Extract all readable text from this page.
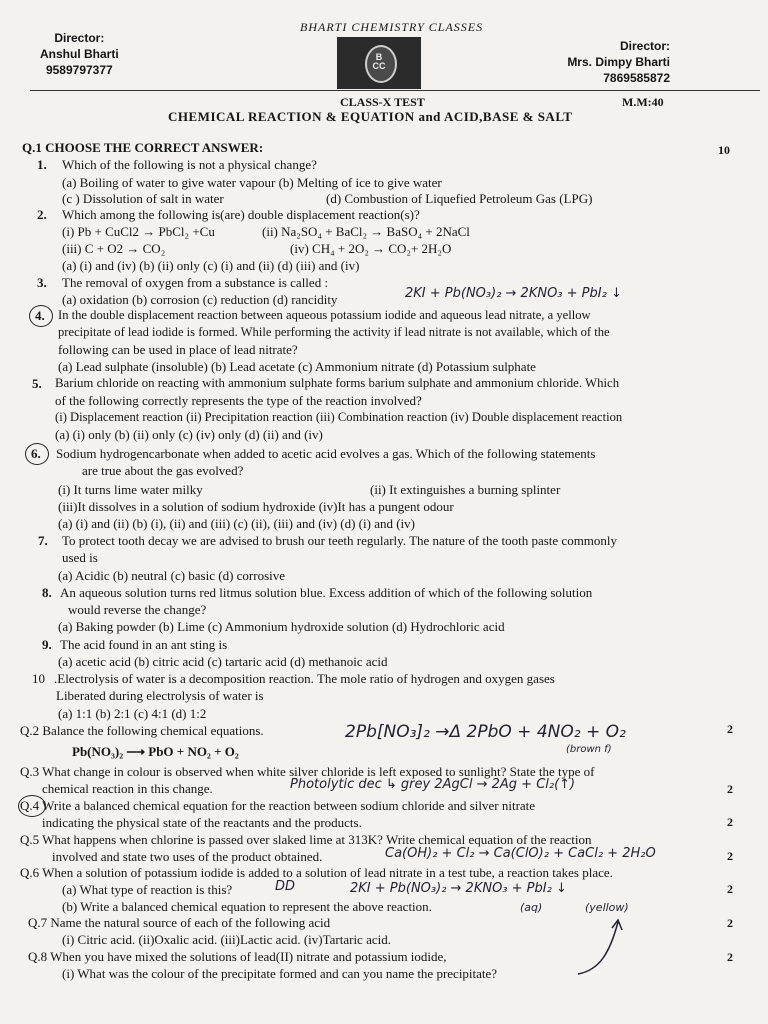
BHARTI CHEMISTRY CLASSES
Director:
Anshul Bharti
9589797377
B
CC
Director:
Mrs. Dimpy Bharti
7869585872
CLASS-X TEST	M.M:40
CHEMICAL REACTION & EQUATION and ACID,BASE & SALT
Q.1 CHOOSE THE CORRECT ANSWER:	10
1. Which of the following is not a physical change?
(a) Boiling of water to give water vapour (b) Melting of ice to give water
(c ) Dissolution of salt in water	(d) Combustion of Liquefied Petroleum Gas (LPG)
2. Which among the following is(are) double displacement reaction(s)?
(i) Pb + CuCl2 → PbCl₂ +Cu	(ii) Na₂SO₄ + BaCl₂ → BaSO₄ + 2NaCl
(iii) C + O2 → CO₂	(iv) CH₄ + 2O₂ → CO₂+ 2H₂O
(a) (i) and (iv) (b) (ii) only (c) (i) and (ii) (d) (iii) and (iv)
3. The removal of oxygen from a substance is called :
(a) oxidation (b) corrosion (c) reduction (d) rancidity	2KI + Pb(NO₃)₂ → 2KNO₃ + PbI₂ ↓
4. In the double displacement reaction between aqueous potassium iodide and aqueous lead nitrate, a yellow
precipitate of lead iodide is formed. While performing the activity if lead nitrate is not available, which of the
following can be used in place of lead nitrate?
(a) Lead sulphate (insoluble) (b) Lead acetate (c) Ammonium nitrate (d) Potassium sulphate
5. Barium chloride on reacting with ammonium sulphate forms barium sulphate and ammonium chloride. Which
of the following correctly represents the type of the reaction involved?
(i) Displacement reaction (ii) Precipitation reaction (iii) Combination reaction (iv) Double displacement reaction
(a) (i) only (b) (ii) only (c) (iv) only (d) (ii) and (iv)
6. Sodium hydrogencarbonate when added to acetic acid evolves a gas. Which of the following statements
are true about the gas evolved?
(i) It turns lime water milky	(ii) It extinguishes a burning splinter
(iii)It dissolves in a solution of sodium hydroxide (iv)It has a pungent odour
(a) (i) and (ii) (b) (i), (ii) and (iii) (c) (ii), (iii) and (iv) (d) (i) and (iv)
7. To protect tooth decay we are advised to brush our teeth regularly. The nature of the tooth paste commonly
used is
(a) Acidic (b) neutral (c) basic (d) corrosive
8. An aqueous solution turns red litmus solution blue. Excess addition of which of the following solution
would reverse the change?
(a) Baking powder (b) Lime (c) Ammonium hydroxide solution (d) Hydrochloric acid
9. The acid found in an ant sting is
(a) acetic acid (b) citric acid (c) tartaric acid (d) methanoic acid
10 .Electrolysis of water is a decomposition reaction. The mole ratio of hydrogen and oxygen gases
Liberated during electrolysis of water is
(a) 1:1 (b) 2:1 (c) 4:1 (d) 1:2
Q.2 Balance the following chemical equations.	2
Pb(NO₃)₂ ⟶ PbO + NO₂ + O₂
2Pb[NO₃]₂ →Δ 2PbO + 4NO₂ + O₂
(brown f)
Q.3 What change in colour is observed when white silver chloride is left exposed to sunlight? State the type of
chemical reaction in this change.	Photolytic dec ↳ grey 2AgCl → 2Ag + Cl₂(↑)	2
Q.4 Write a balanced chemical equation for the reaction between sodium chloride and silver nitrate
indicating the physical state of the reactants and the products.	2
Q.5 What happens when chlorine is passed over slaked lime at 313K? Write chemical equation of the reaction
involved and state two uses of the product obtained.	Ca(OH)₂ + Cl₂ → Ca(ClO)₂ + CaCl₂ + 2H₂O	2
Q.6 When a solution of potassium iodide is added to a solution of lead nitrate in a test tube, a reaction takes place.
(a) What type of reaction is this?	DD	2KI + Pb(NO₃)₂ → 2KNO₃ + PbI₂ ↓	2
(b) Write a balanced chemical equation to represent the above reaction.	(aq)	(yellow)
Q.7 Name the natural source of each of the following acid	2
(i) Citric acid. (ii)Oxalic acid. (iii)Lactic acid. (iv)Tartaric acid.
Q.8 When you have mixed the solutions of lead(II) nitrate and potassium iodide,	2
(i) What was the colour of the precipitate formed and can you name the precipitate?
